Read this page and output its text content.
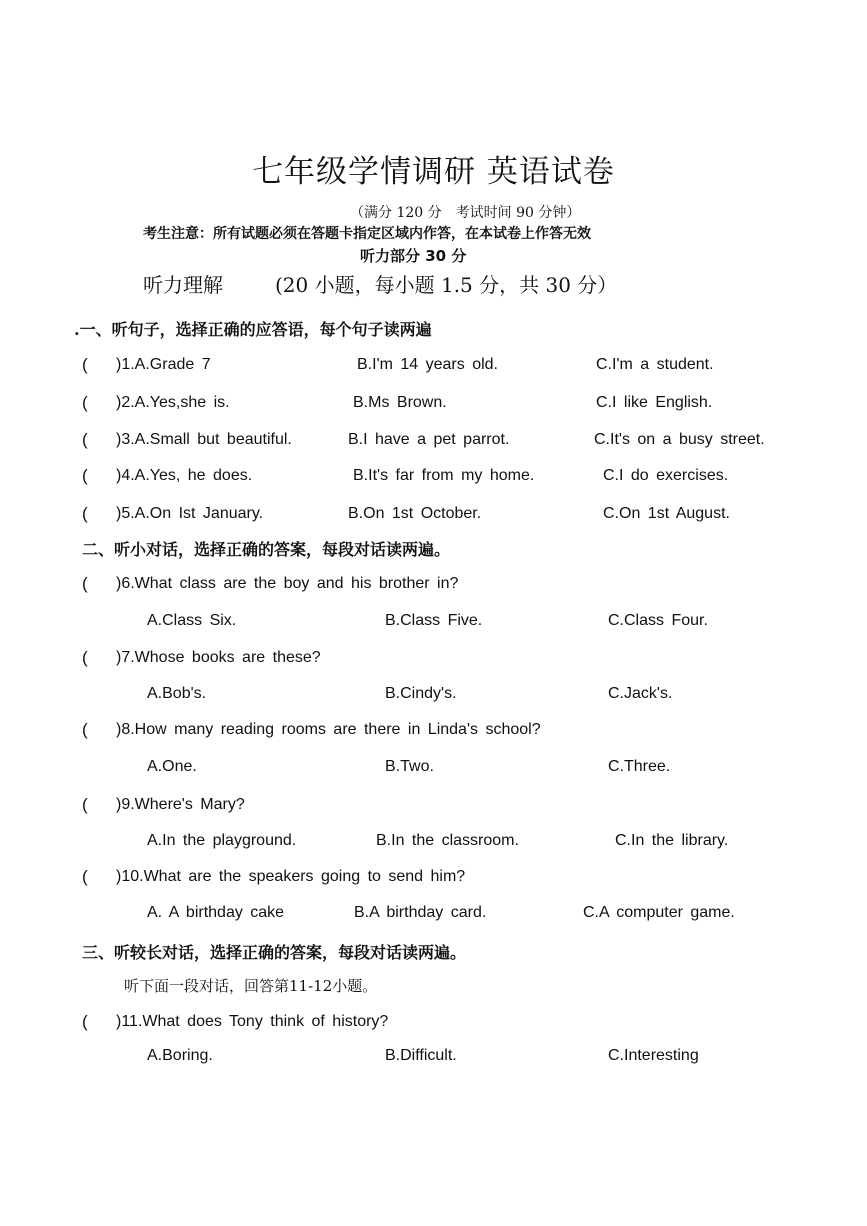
七年级学情调研 英语试卷
（满分 120 分　考试时间 90 分钟）
考生注意：所有试题必须在答题卡指定区域内作答，在本试卷上作答无效
听力部分 30 分
听力理解	(20 小题，每小题 1.5 分，共 30 分）
.一、听句子，选择正确的应答语，每个句子读两遍
( )1.A.Grade 7	B.I'm 14 years old.	C.I'm a student.
( )2.A.Yes,she is.	B.Ms Brown.	C.I like English.
( )3.A.Small but beautiful.	B.I have a pet parrot.	C.It's on a busy street.
( )4.A.Yes, he does.	B.It's far from my home.	C.I do exercises.
( )5.A.On Ist January.	B.On 1st October.	C.On 1st August.
二、听小对话，选择正确的答案，每段对话读两遍。
( )6.What class are the boy and his brother in?
A.Class Six.	B.Class Five.	C.Class Four.
( )7.Whose books are these?
A.Bob's.	B.Cindy's.	C.Jack's.
( )8.How many reading rooms are there in Linda's school?
A.One.	B.Two.	C.Three.
( )9.Where's Mary?
A.In the playground.	B.In the classroom.	C.In the library.
( )10.What are the speakers going to send him?
A. A birthday cake	B.A birthday card.	C.A computer game.
三、听较长对话，选择正确的答案，每段对话读两遍。
听下面一段对话，回答第11-12小题。
( )11.What does Tony think of history?
A.Boring.	B.Difficult.	C.Interesting
